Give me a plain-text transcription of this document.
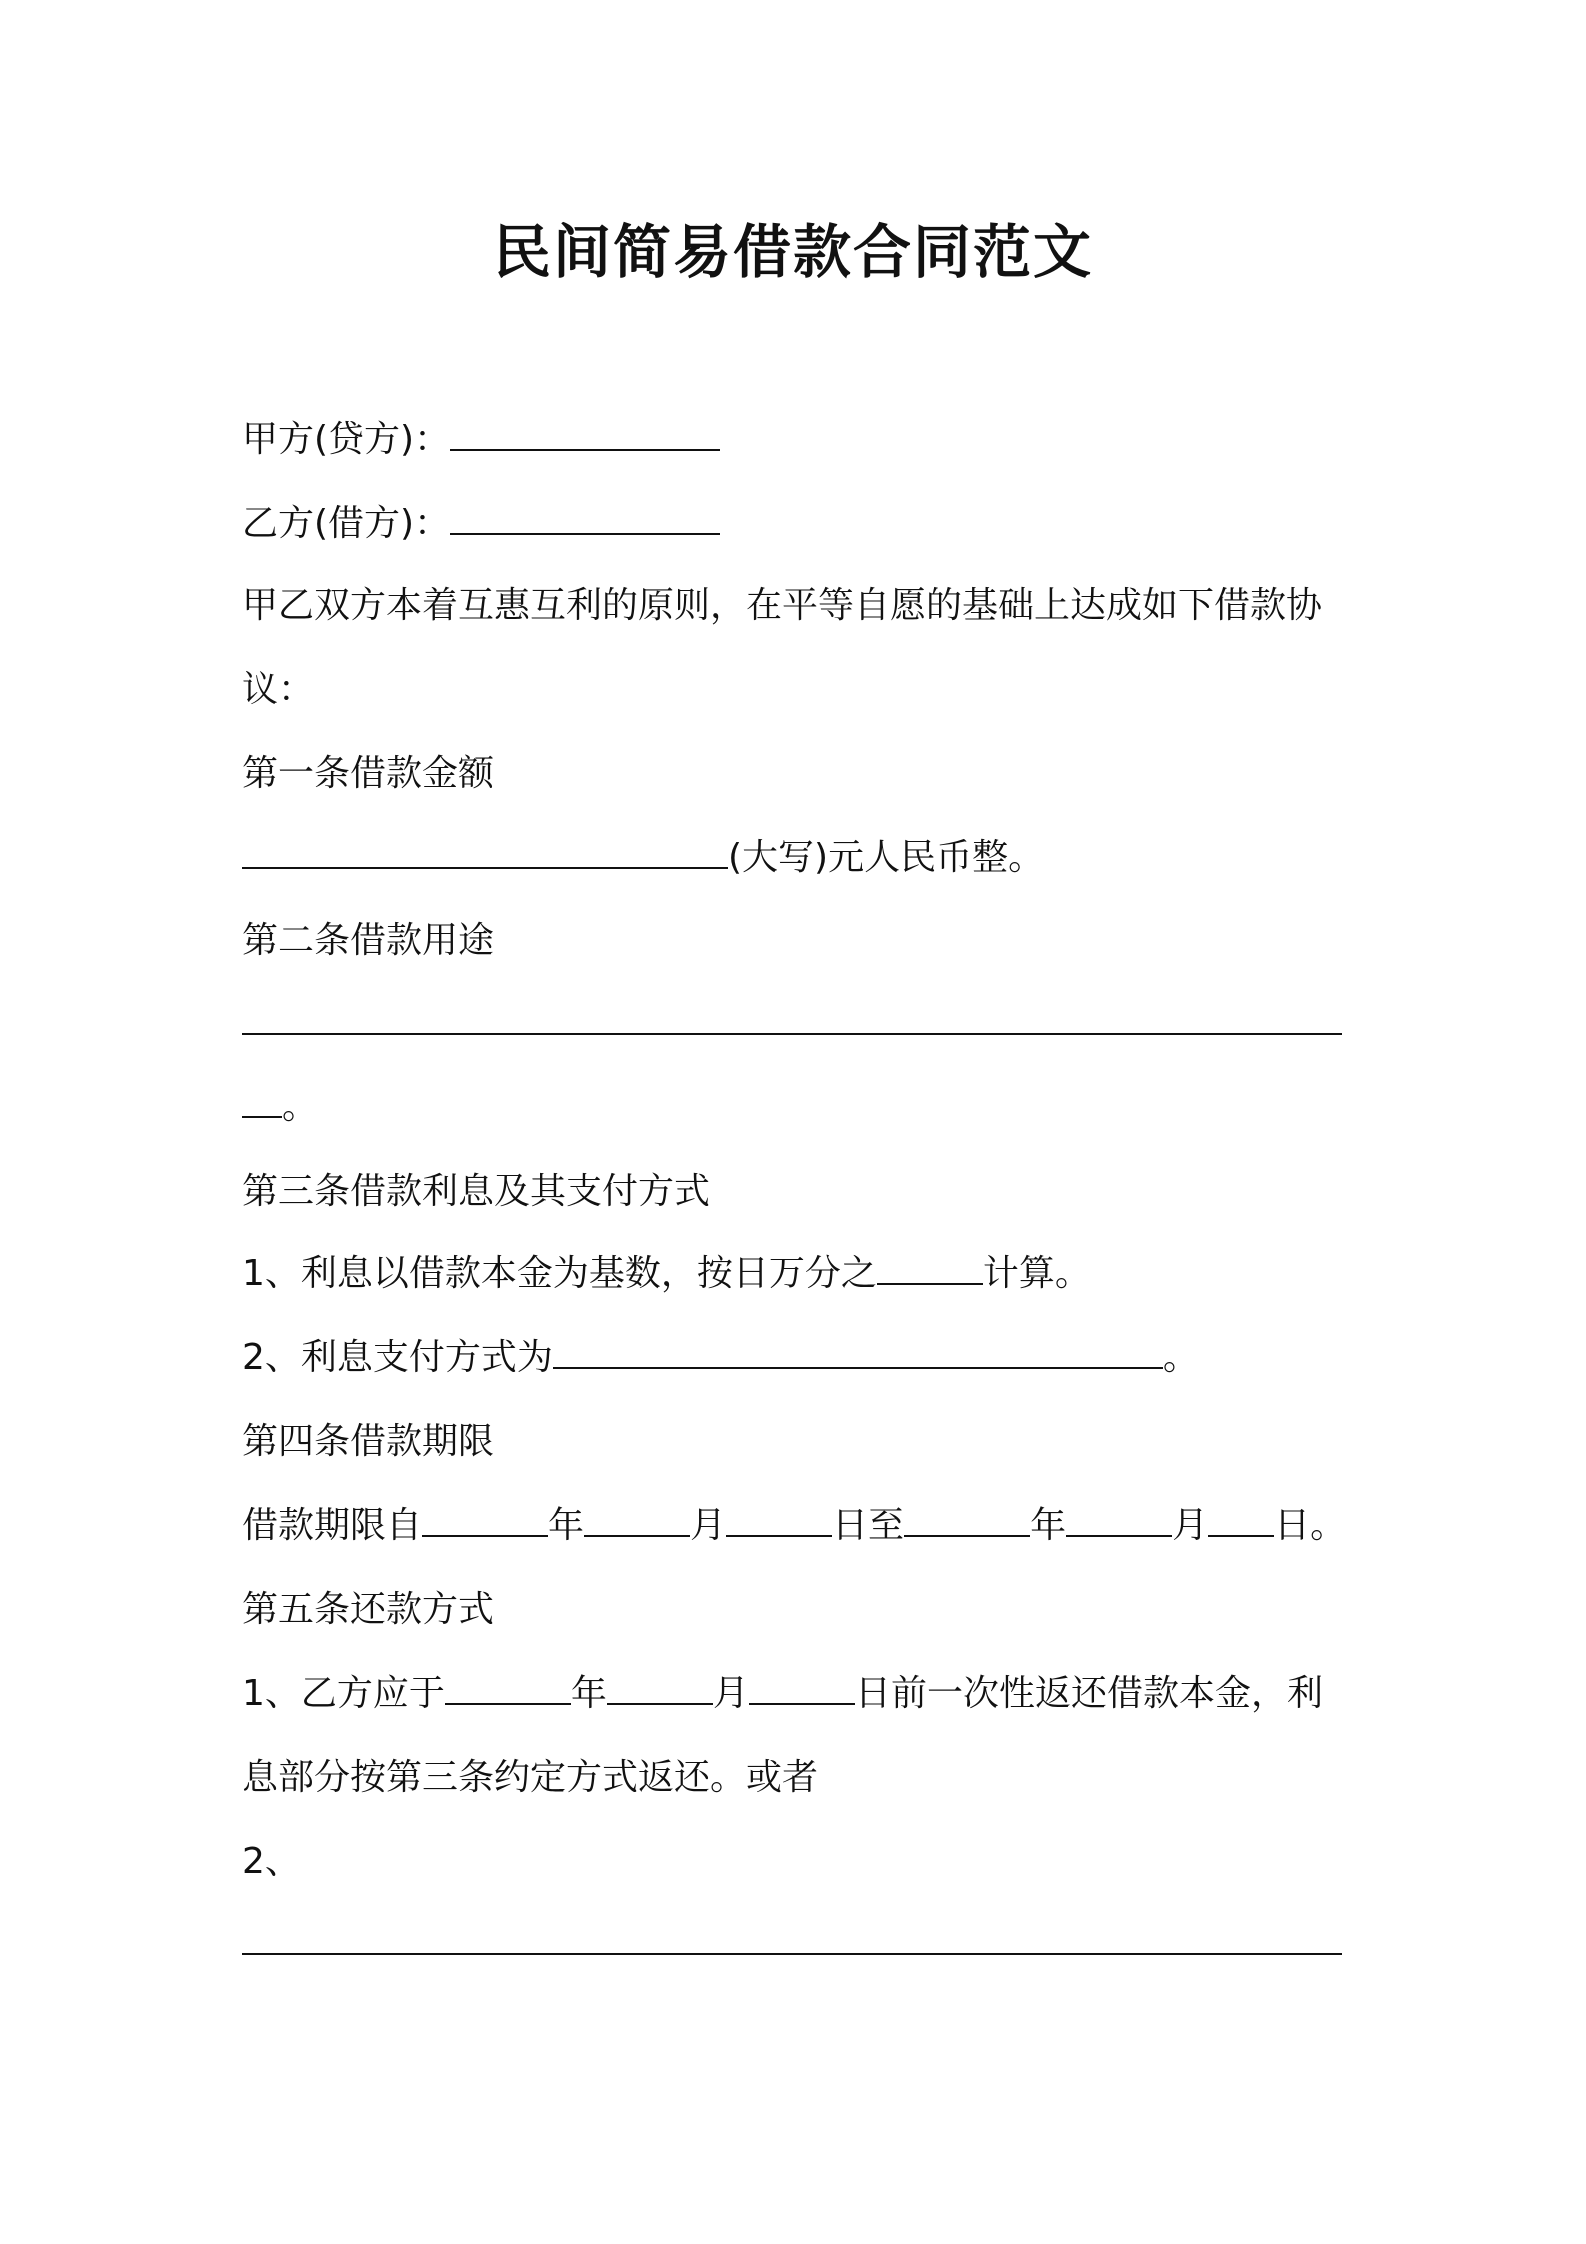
民间简易借款合同范文
甲方(贷方)：
乙方(借方)：
甲乙双方本着互惠互利的原则，在平等自愿的基础上达成如下借款协
议：
第一条借款金额
(大写)元人民币整。
第二条借款用途
。
第三条借款利息及其支付方式
1、利息以借款本金为基数，按日万分之	计算。
2、利息支付方式为	。
第四条借款期限
借款期限自	年	月	日至	年	月 日。
第五条还款方式
1、乙方应于	年	月	日前一次性返还借款本金，利
息部分按第三条约定方式返还。或者
2、
